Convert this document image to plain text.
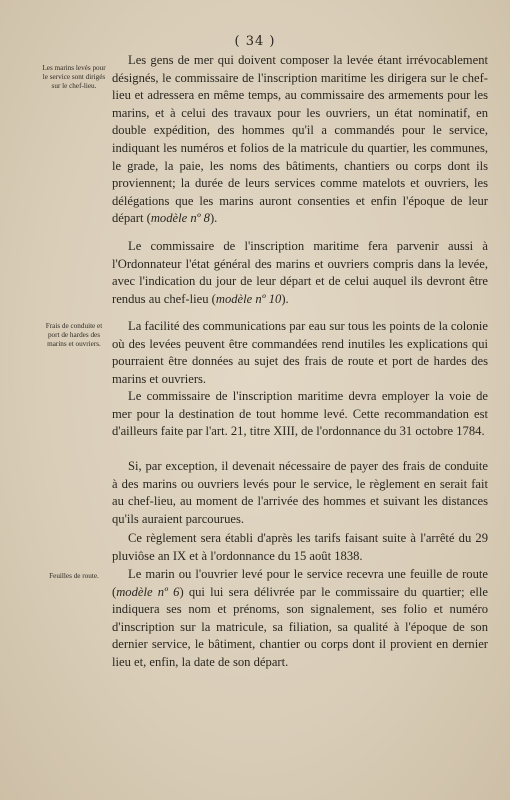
( 34 )
Les marins levés pour le service sont dirigés sur le chef-lieu.

Les gens de mer qui doivent composer la levée étant irrévocablement désignés, le commissaire de l'inscription maritime les dirigera sur le chef-lieu et adressera en même temps, au commissaire des armements pour les marins, et à celui des travaux pour les ouvriers, un état nominatif, en double expédition, des hommes qu'il a commandés pour le service, indiquant les numéros et folios de la matricule du quartier, les communes, le grade, la paie, les noms des bâtiments, chantiers ou corps dont ils proviennent; la durée de leurs services comme matelots et ouvriers, les délégations que les marins auront consenties et enfin l'époque de leur départ (modèle nº 8).

Le commissaire de l'inscription maritime fera parvenir aussi à l'Ordonnateur l'état général des marins et ouvriers compris dans la levée, avec l'indication du jour de leur départ et de celui auquel ils devront être rendus au chef-lieu (modèle nº 10).

Frais de conduite et port de hardes des marins et ouvriers.

La facilité des communications par eau sur tous les points de la colonie où des levées peuvent être commandées rend inutiles les explications qui pourraient être données au sujet des frais de route et port de hardes des marins et ouvriers.

Le commissaire de l'inscription maritime devra employer la voie de mer pour la destination de tout homme levé. Cette recommandation est d'ailleurs faite par l'art. 21, titre XIII, de l'ordonnance du 31 octobre 1784.

Si, par exception, il devenait nécessaire de payer des frais de conduite à des marins ou ouvriers levés pour le service, le règlement en serait fait au chef-lieu, au moment de l'arrivée des hommes et suivant les distances qu'ils auraient parcourues.

Ce règlement sera établi d'après les tarifs faisant suite à l'arrêté du 29 pluviôse an IX et à l'ordonnance du 15 août 1838.

Feuilles de route.	Le marin ou l'ouvrier levé pour le service recevra une feuille de route (modèle nº 6) qui lui sera délivrée par le commissaire du quartier; elle indiquera ses nom et prénoms, son signalement, ses folio et numéro d'inscription sur la matricule, sa filiation, sa qualité à l'époque de son dernier service, le bâtiment, chantier ou corps dont il provient en dernier lieu et, enfin, la date de son départ.
